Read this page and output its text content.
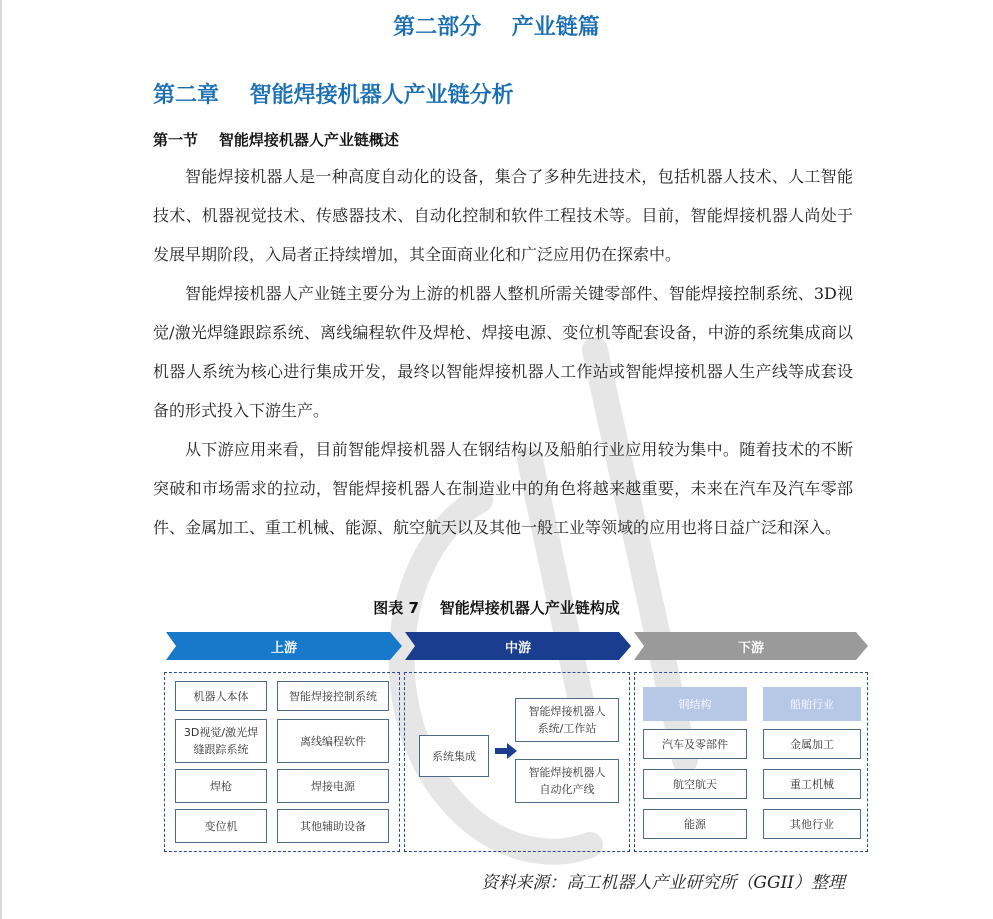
第二部分    产业链篇
第二章    智能焊接机器人产业链分析
第一节    智能焊接机器人产业链概述

智能焊接机器人是一种高度自动化的设备，集合了多种先进技术，包括机器人技术、人工智能技术、机器视觉技术、传感器技术、自动化控制和软件工程技术等。目前，智能焊接机器人尚处于发展早期阶段，入局者正持续增加，其全面商业化和广泛应用仍在探索中。

智能焊接机器人产业链主要分为上游的机器人整机所需关键零部件、智能焊接控制系统、3D视觉/激光焊缝跟踪系统、离线编程软件及焊枪、焊接电源、变位机等配套设备，中游的系统集成商以机器人系统为核心进行集成开发，最终以智能焊接机器人工作站或智能焊接机器人生产线等成套设备的形式投入下游生产。

从下游应用来看，目前智能焊接机器人在钢结构以及船舶行业应用较为集中。随着技术的不断突破和市场需求的拉动，智能焊接机器人在制造业中的角色将越来越重要，未来在汽车及汽车零部件、金属加工、重工机械、能源、航空航天以及其他一般工业等领域的应用也将日益广泛和深入。

图表 7    智能焊接机器人产业链构成
上游	中游	下游
机器人本体	智能焊接控制系统
3D视觉/激光焊
缝跟踪系统
离线编程软件
焊枪	焊接电源
变位机	其他辅助设备
系统集成
智能焊接机器人
系统/工作站
智能焊接机器人
自动化产线
钢结构	船舶行业
汽车及零部件	金属加工
航空航天	重工机械
能源	其他行业
资料来源：高工机器人产业研究所（GGII）整理
